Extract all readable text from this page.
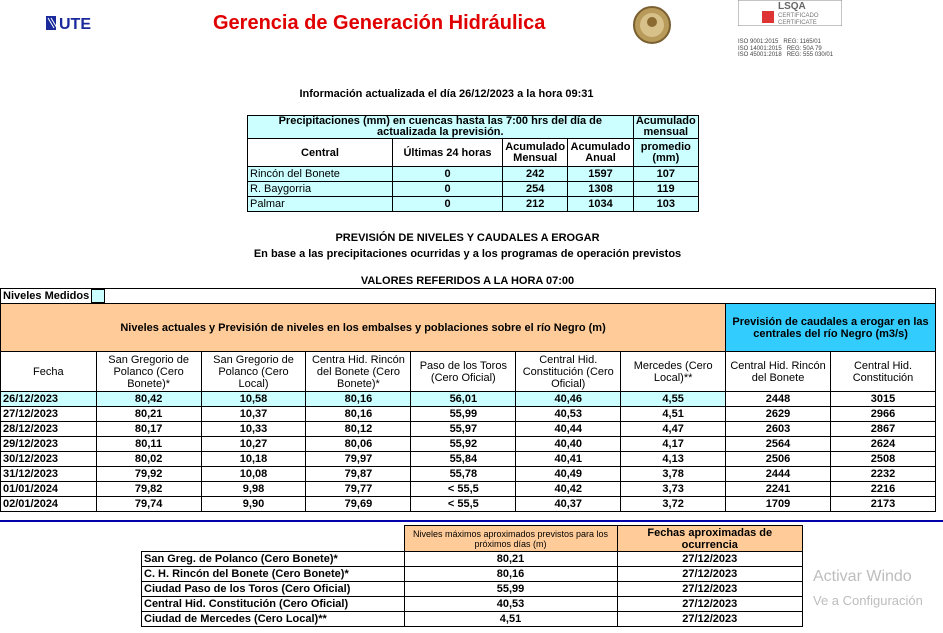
UTE	Gerencia de Generación Hidráulica
LSQA
CERTIFICADO
CERTIFICATE
ISO 9001:2015 REG: 1165/01
ISO 14001:2015 REG: 50A 79
ISO 45001:2018 REG: 555 030/01
Información actualizada el día 26/12/2023 a la hora 09:31
Precipitaciones (mm) en cuencas hasta las 7:00 hrs del día de actualizada la previsión.				Acumulado mensual
Central	Últimas 24 horas	Acumulado Mensual	Acumulado Anual	promedio (mm)
Rincón del Bonete	0	242	1597	107
R. Baygorria	0	254	1308	119
Palmar	0	212	1034	103
PREVISIÓN DE NIVELES Y CAUDALES A EROGAR
En base a las precipitaciones ocurridas y a los programas de operación previstos
VALORES REFERIDOS A LA HORA 07:00
Niveles Medidos								
Niveles actuales y Previsión de niveles en los embalses y poblaciones sobre el río Negro (m)							Previsión de caudales a erogar en las centrales del río Negro (m3/s)	
Fecha	San Gregorio de Polanco (Cero Bonete)*	San Gregorio de Polanco (Cero Local)	Centra Hid. Rincón del Bonete (Cero Bonete)*	Paso de los Toros (Cero Oficial)	Central Hid. Constitución (Cero Oficial)	Mercedes (Cero Local)**	Central Hid. Rincón del Bonete	Central Hid. Constitución
26/12/2023	80,42	10,58	80,16	56,01	40,46	4,55	2448	3015
27/12/2023	80,21	10,37	80,16	55,99	40,53	4,51	2629	2966
28/12/2023	80,17	10,33	80,12	55,97	40,44	4,47	2603	2867
29/12/2023	80,11	10,27	80,06	55,92	40,40	4,17	2564	2624
30/12/2023	80,02	10,18	79,97	55,84	40,41	4,13	2506	2508
31/12/2023	79,92	10,08	79,87	55,78	40,49	3,78	2444	2232
01/01/2024	79,82	9,98	79,77	< 55,5	40,42	3,73	2241	2216
02/01/2024	79,74	9,90	79,69	< 55,5	40,37	3,72	1709	2173
	Niveles máximos aproximados previstos para los próximos días (m)	Fechas aproximadas de ocurrencia
San Greg. de Polanco (Cero Bonete)*	80,21	27/12/2023
C. H. Rincón del Bonete (Cero Bonete)*	80,16	27/12/2023
Ciudad Paso de los Toros (Cero Oficial)	55,99	27/12/2023
Central Hid. Constitución (Cero Oficial)	40,53	27/12/2023
Ciudad de Mercedes (Cero Local)**	4,51	27/12/2023
Activar Windo
Ve a Configuración
